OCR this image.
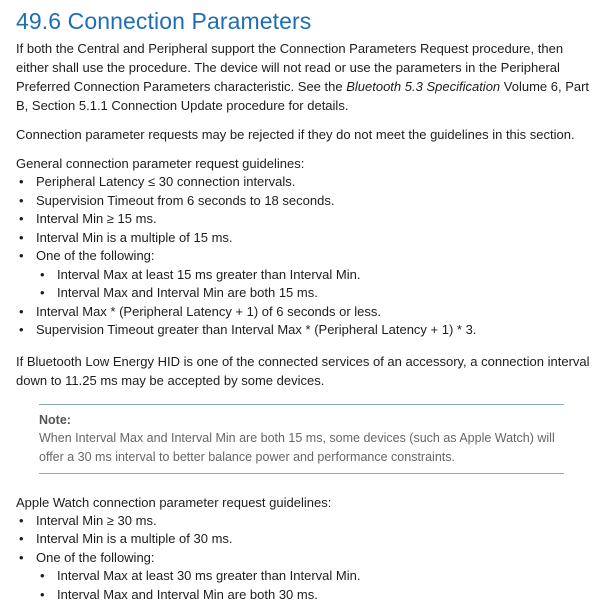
49.6 Connection Parameters

If both the Central and Peripheral support the Connection Parameters Request procedure, then either shall use the procedure. The device will not read or use the parameters in the Peripheral Preferred Connection Parameters characteristic. See the Bluetooth 5.3 Specification Volume 6, Part B, Section 5.1.1 Connection Update procedure for details.

Connection parameter requests may be rejected if they do not meet the guidelines in this section.

General connection parameter request guidelines:

• Peripheral Latency ≤ 30 connection intervals.
• Supervision Timeout from 6 seconds to 18 seconds.
• Interval Min ≥ 15 ms.
• Interval Min is a multiple of 15 ms.
• One of the following:
• Interval Max at least 15 ms greater than Interval Min.
• Interval Max and Interval Min are both 15 ms.
• Interval Max * (Peripheral Latency + 1) of 6 seconds or less.
• Supervision Timeout greater than Interval Max * (Peripheral Latency + 1) * 3.

If Bluetooth Low Energy HID is one of the connected services of an accessory, a connection interval down to 11.25 ms may be accepted by some devices.

Note:
When Interval Max and Interval Min are both 15 ms, some devices (such as Apple Watch) will offer a 30 ms interval to better balance power and performance constraints.

Apple Watch connection parameter request guidelines:

• Interval Min ≥ 30 ms.
• Interval Min is a multiple of 30 ms.
• One of the following:
• Interval Max at least 30 ms greater than Interval Min.
• Interval Max and Interval Min are both 30 ms.
